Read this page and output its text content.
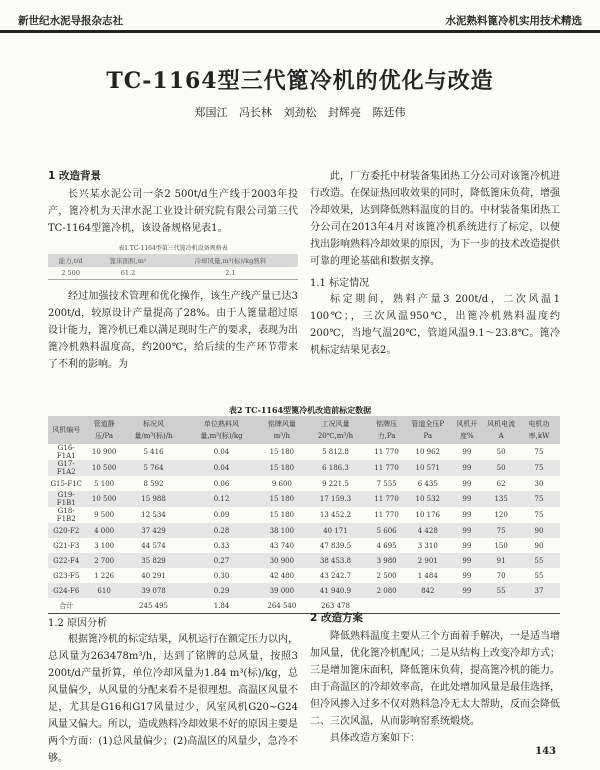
新世纪水泥导报杂志社	水泥熟料篦冷机实用技术精选
TC-1164型三代篦冷机的优化与改造
郑国江 冯长林 刘劲松 封辉亮 陈廷伟
1 改造背景

长兴某水泥公司一条2 500t/d生产线于2003年投产，篦冷机为天津水泥工业设计研究院有限公司第三代TC-1164型篦冷机，该设备规格见表1。

表1 TC-1164型第三代篦冷机设备规格表
能力,t/d	篦床面积,m²	冷却风量,m³(标)/kg熟料
2 500	61.2	2.1

经过加强技术管理和优化操作，该生产线产量已达3 200t/d，较原设计产量提高了28%。由于人篦量超过原设计能力，篦冷机已难以满足现时生产的要求，表现为出篦冷机熟料温度高，约200℃，给后续的生产环节带来了不利的影响。为

此，厂方委托中材装备集团热工分公司对该篦冷机进行改造。在保证热回收效果的同时，降低篦床负荷，增强冷却效果，达到降低熟料温度的目的。中材装备集团热工分公司在2013年4月对该篦冷机系统进行了标定，以便找出影响熟料冷却效果的原因，为下一步的技术改造提供可靠的理论基础和数据支撑。

1.1 标定情况

标定期间，熟料产量3 200t/d，二次风温1 100℃；，三次风温950℃，出篦冷机熟料温度约200℃，当地气温20℃，管道风温9.1～23.8℃。篦冷机标定结果见表2。

表2 TC-1164型篦冷机改造前标定数据
风机编号	管道静压/Pa	标况风量/m³(标)/h	单位熟料风量,m³(标)/kg	铭牌风量m³/h	工况风量20℃,m³/h	铭牌压力,Pa	管道全压P Pa	风机开度%	风机电流A	电机功率,kW
G16-F1A1	10 900	5 416	0.04	15 180	5 812.8	11 770	10 962	99	50	75
G17-F1A2	10 500	5 764	0.04	15 180	6 186.3	11 770	10 571	99	50	75
G15-F1C	5 100	8 592	0.06	9 600	9 221.5	7 555	6 435	99	62	30
G19-F1B1	10 500	15 988	0.12	15 180	17 159.3	11 770	10 532	99	135	75
G18-F1B2	9 500	12 534	0.09	15 180	13 452.2	11 770	10 176	99	120	75
G20-F2	4 000	37 429	0.28	38 100	40 171	5 606	4 428	99	75	90
G21-F3	3 100	44 574	0.33	43 740	47 839.5	4 695	3 310	99	150	90
G22-F4	2 700	35 829	0.27	30 900	38 453.8	3 980	2 901	99	91	55
G23-F5	1 226	40 291	0.30	42 480	43 242.7	2 500	1 484	99	70	55
G24-F6	610	39 078	0.29	39 000	41 940.9	2 080	842	99	55	37
合计		245 495	1.84	264 540	263 478					
1.2 原因分析

根据篦冷机的标定结果，风机运行在额定压力以内，总风量为263478m³/h，达到了铭牌的总风量，按照3 200t/d产量折算，单位冷却风量为1.84 m³(标)/kg，总风量偏少，从风量的分配来看不是很理想。高温区风量不足，尤其是G16和G17风量过少，风室风机G20~G24风量又偏大。所以，造成熟料冷却效果不好的原因主要是两个方面：(1)总风量偏少；(2)高温区的风量少，急冷不够。

2 改造方案

降低熟料温度主要从三个方面着手解决，一是适当增加风量，优化篦冷机配风；二是从结构上改变冷却方式；三是增加篦床面积，降低篦床负荷，提高篦冷机的能力。由于高温区的冷却效率高，在此处增加风量是最佳选择，但冷风掺入过多不仅对熟料急冷无太大帮助，反而会降低二、三次风温，从而影响窑系统煅烧。

具体改造方案如下：

143
